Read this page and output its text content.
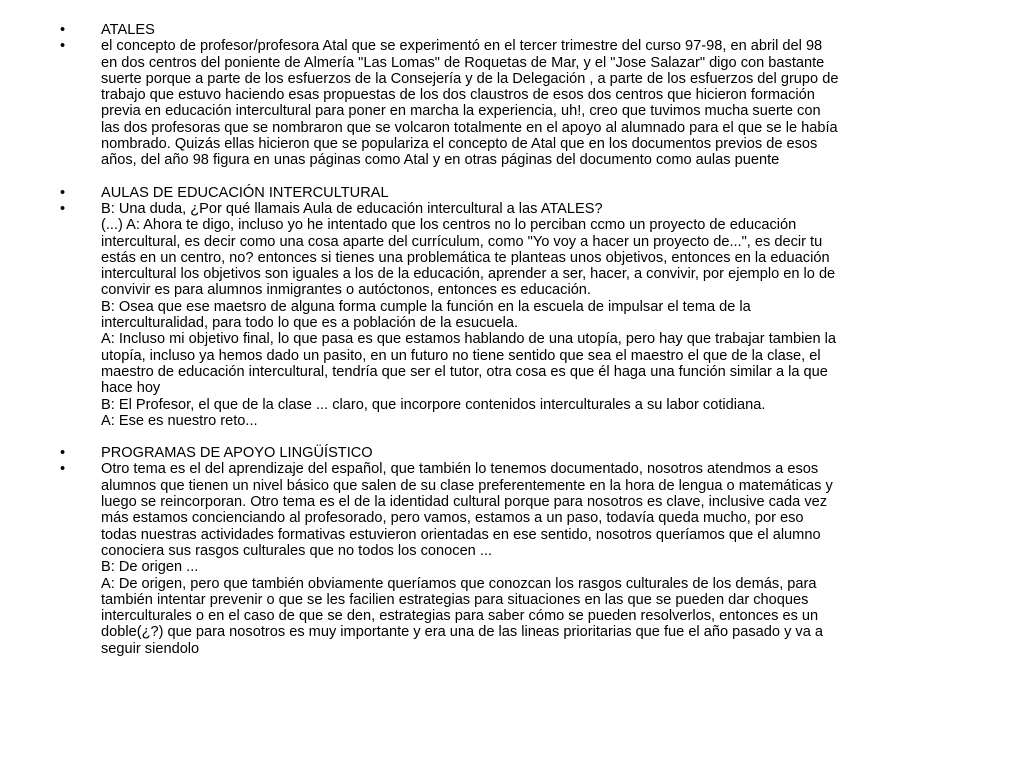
• ATALES
• el concepto de profesor/profesora Atal que se experimentó en el tercer trimestre del curso 97-98, en abril del 98
en dos centros del poniente de Almería "Las Lomas" de Roquetas de Mar, y el "Jose Salazar" digo con bastante
suerte porque a parte de los esfuerzos de la Consejería y de la Delegación , a parte de los esfuerzos del grupo de
trabajo que estuvo haciendo esas propuestas de los dos claustros de esos dos centros que hicieron formación
previa en educación intercultural para poner en marcha la experiencia, uh!, creo que tuvimos mucha suerte con
las dos profesoras que se nombraron que se volcaron totalmente en el apoyo al alumnado para el que se le había
nombrado. Quizás ellas hicieron que se populariza el concepto de Atal que en los documentos previos de esos
años, del año 98 figura en unas páginas como Atal y en otras páginas del documento como aulas puente
• AULAS DE EDUCACIÓN INTERCULTURAL
• B: Una duda, ¿Por qué llamais Aula de educación intercultural a las ATALES?
(...) A: Ahora te digo, incluso yo he intentado que los centros no lo perciban ccmo un proyecto de educación
intercultural, es decir como una cosa aparte del currículum, como "Yo voy a hacer un proyecto de...", es decir tu
estás en un centro, no? entonces si tienes una problemática te planteas unos objetivos, entonces en la eduación
intercultural los objetivos son iguales a los de la educación, aprender a ser, hacer, a convivir, por ejemplo en lo de
convivir es para alumnos inmigrantes o autóctonos, entonces es educación.
B: Osea que ese maetsro de alguna forma cumple la función en la escuela de impulsar el tema de la
interculturalidad, para todo lo que es a población de la esucuela.
A: Incluso mi objetivo final, lo que pasa es que estamos hablando de una utopía, pero hay que trabajar tambien la
utopía, incluso ya hemos dado un pasito, en un futuro no tiene sentido que sea el maestro el que de la clase, el
maestro de educación intercultural, tendría que ser el tutor, otra cosa es que él haga una función similar a la que
hace hoy
B: El Profesor, el que de la clase ... claro, que incorpore contenidos interculturales a su labor cotidiana.
A: Ese es nuestro reto...
• PROGRAMAS DE APOYO LINGÜÍSTICO
• Otro tema es el del aprendizaje del español, que también lo tenemos documentado, nosotros atendmos a esos
alumnos que tienen un nivel básico que salen de su clase preferentemente en la hora de lengua o matemáticas y
luego se reincorporan. Otro tema es el de la identidad cultural porque para nosotros es clave, inclusive cada vez
más estamos concienciando al profesorado, pero vamos, estamos a un paso, todavía queda mucho, por eso
todas nuestras actividades formativas estuvieron orientadas en ese sentido, nosotros queríamos que el alumno
conociera sus rasgos culturales que no todos los conocen ...
B: De origen ...
A: De origen, pero que también obviamente queríamos que conozcan los rasgos culturales de los demás, para
también intentar prevenir o que se les facilien estrategias para situaciones en las que se pueden dar choques
interculturales o en el caso de que se den, estrategias para saber cómo se pueden resolverlos, entonces es un
doble(¿?) que para nosotros es muy importante y era una de las lineas prioritarias que fue el año pasado y va a
seguir siendolo
